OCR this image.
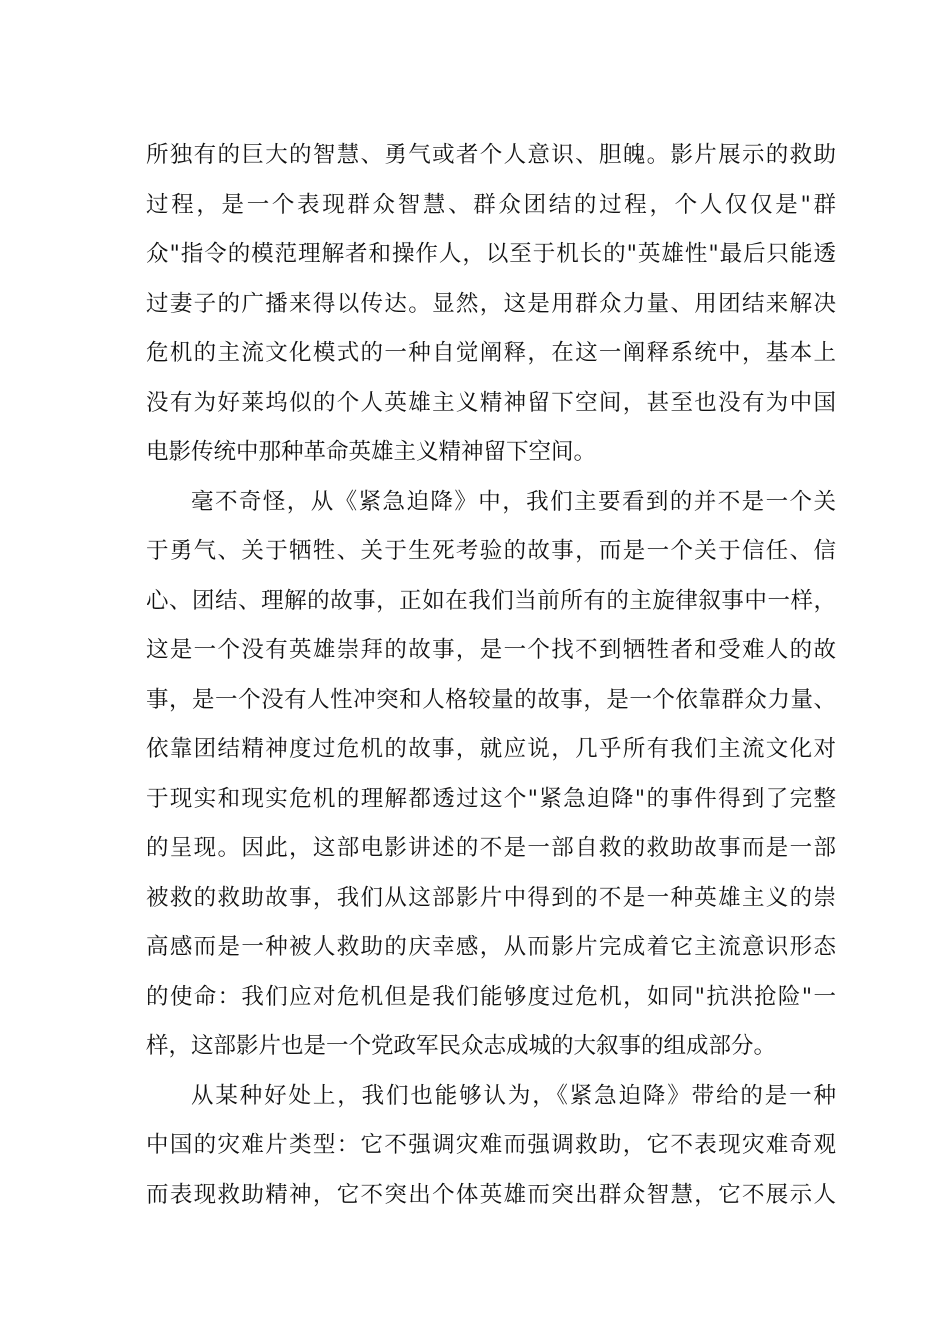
所独有的巨大的智慧、勇气或者个人意识、胆魄。影片展示的救助
过程，是一个表现群众智慧、群众团结的过程，个人仅仅是"群
众"指令的模范理解者和操作人，以至于机长的"英雄性"最后只能透
过妻子的广播来得以传达。显然，这是用群众力量、用团结来解决
危机的主流文化模式的一种自觉阐释，在这一阐释系统中，基本上
没有为好莱坞似的个人英雄主义精神留下空间，甚至也没有为中国
电影传统中那种革命英雄主义精神留下空间。
毫不奇怪，从《紧急迫降》中，我们主要看到的并不是一个关
于勇气、关于牺牲、关于生死考验的故事，而是一个关于信任、信
心、团结、理解的故事，正如在我们当前所有的主旋律叙事中一样，
这是一个没有英雄崇拜的故事，是一个找不到牺牲者和受难人的故
事，是一个没有人性冲突和人格较量的故事，是一个依靠群众力量、
依靠团结精神度过危机的故事，就应说，几乎所有我们主流文化对
于现实和现实危机的理解都透过这个"紧急迫降"的事件得到了完整
的呈现。因此，这部电影讲述的不是一部自救的救助故事而是一部
被救的救助故事，我们从这部影片中得到的不是一种英雄主义的崇
高感而是一种被人救助的庆幸感，从而影片完成着它主流意识形态
的使命：我们应对危机但是我们能够度过危机，如同"抗洪抢险"一
样，这部影片也是一个党政军民众志成城的大叙事的组成部分。
从某种好处上，我们也能够认为，《紧急迫降》带给的是一种
中国的灾难片类型：它不强调灾难而强调救助，它不表现灾难奇观
而表现救助精神，它不突出个体英雄而突出群众智慧，它不展示人
